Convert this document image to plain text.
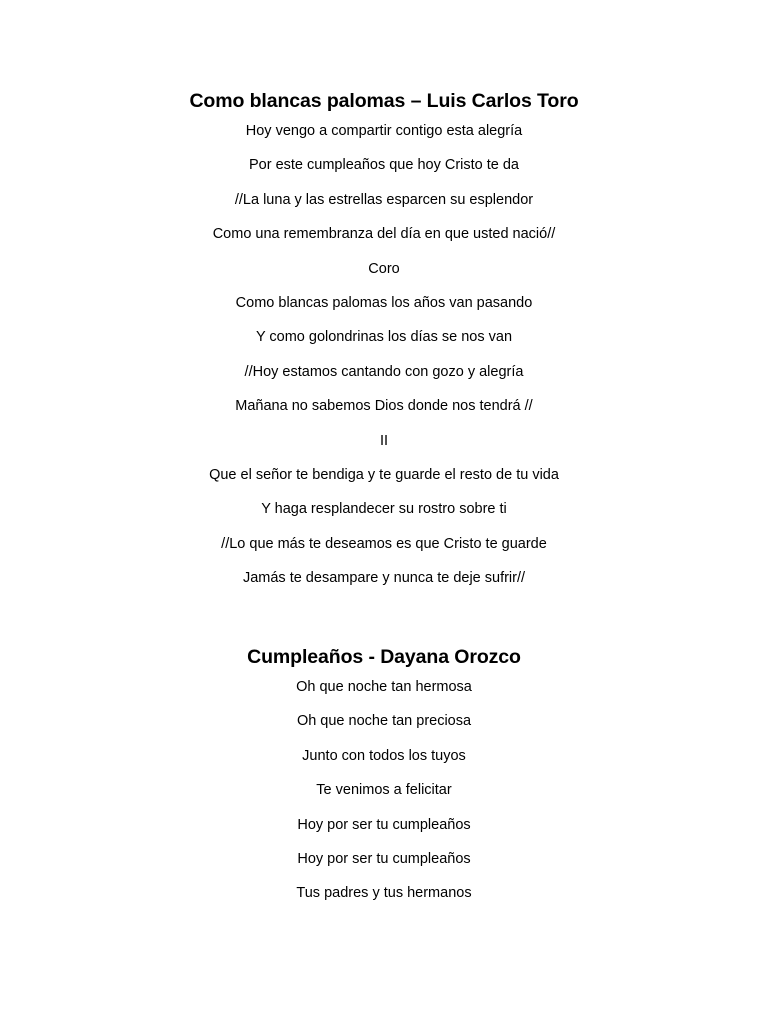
Como blancas palomas – Luis Carlos Toro
Hoy vengo a compartir contigo esta alegría
Por este cumpleaños que hoy Cristo te da
//La luna y las estrellas esparcen su esplendor
Como una remembranza del día en que usted nació//
Coro
Como blancas palomas los años van pasando
Y como golondrinas los días se nos van
//Hoy estamos cantando con gozo y alegría
Mañana no sabemos Dios donde nos tendrá //
II
Que el señor te bendiga y te guarde el resto de tu vida
Y haga resplandecer su rostro sobre ti
//Lo que más te deseamos es que Cristo te guarde
Jamás te desampare y nunca te deje sufrir//
Cumpleaños - Dayana Orozco
Oh que noche tan hermosa
Oh que noche tan preciosa
Junto con todos los tuyos
Te venimos a felicitar
Hoy por ser tu cumpleaños
Hoy por ser tu cumpleaños
Tus padres y tus hermanos
